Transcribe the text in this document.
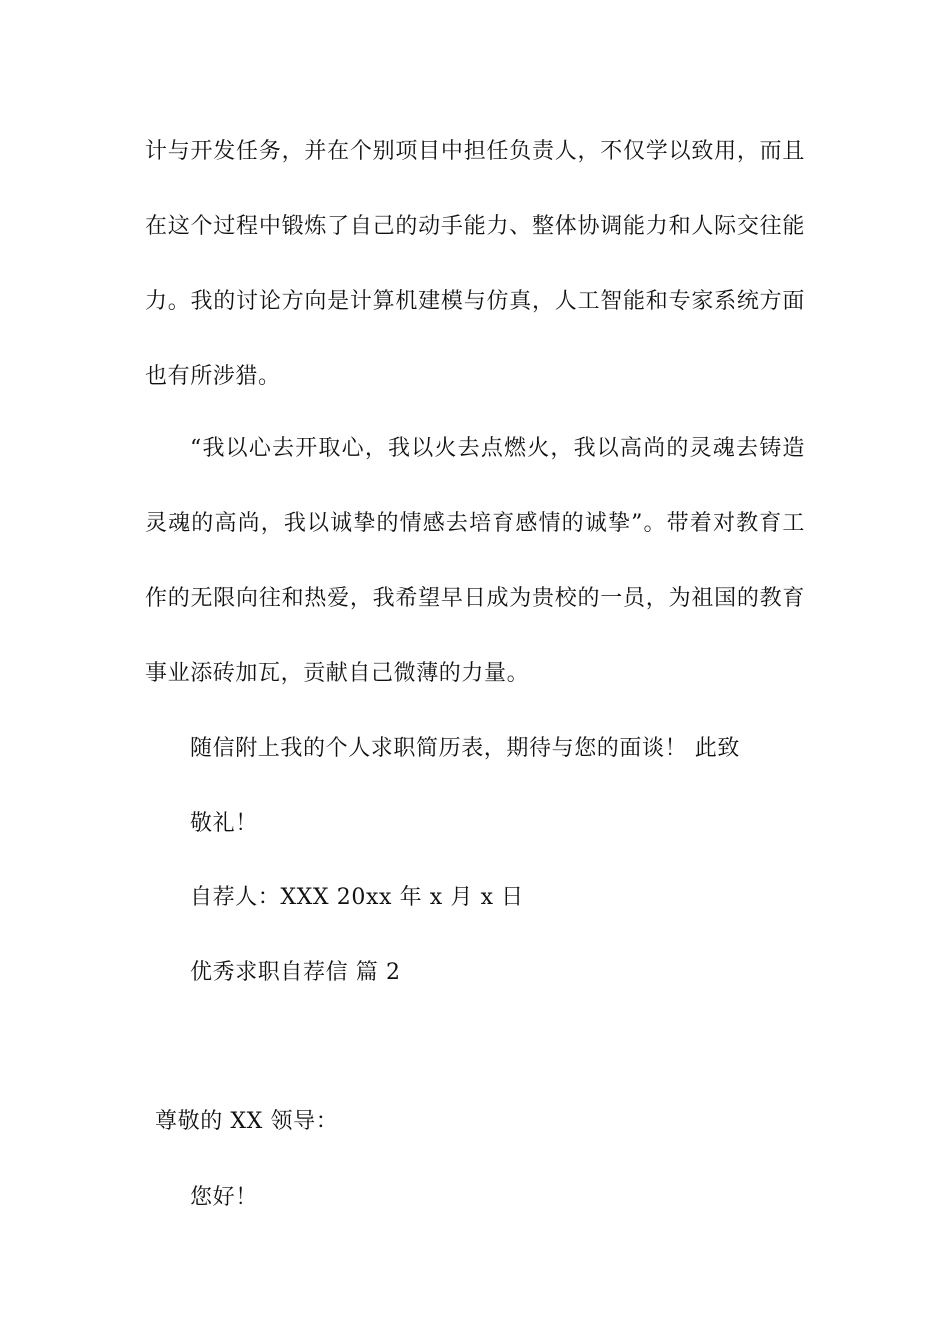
计与开发任务，并在个别项目中担任负责人，不仅学以致用，而且
在这个过程中锻炼了自己的动手能力、整体协调能力和人际交往能
力。我的讨论方向是计算机建模与仿真，人工智能和专家系统方面
也有所涉猎。
“我以心去开取心，我以火去点燃火，我以高尚的灵魂去铸造
灵魂的高尚，我以诚挚的情感去培育感情的诚挚”。带着对教育工
作的无限向往和热爱，我希望早日成为贵校的一员，为祖国的教育
事业添砖加瓦，贡献自己微薄的力量。
随信附上我的个人求职简历表，期待与您的面谈！ 此致
敬礼！
自荐人：XXX 20xx 年 x 月 x 日
优秀求职自荐信 篇 2
尊敬的 XX 领导：
您好！
